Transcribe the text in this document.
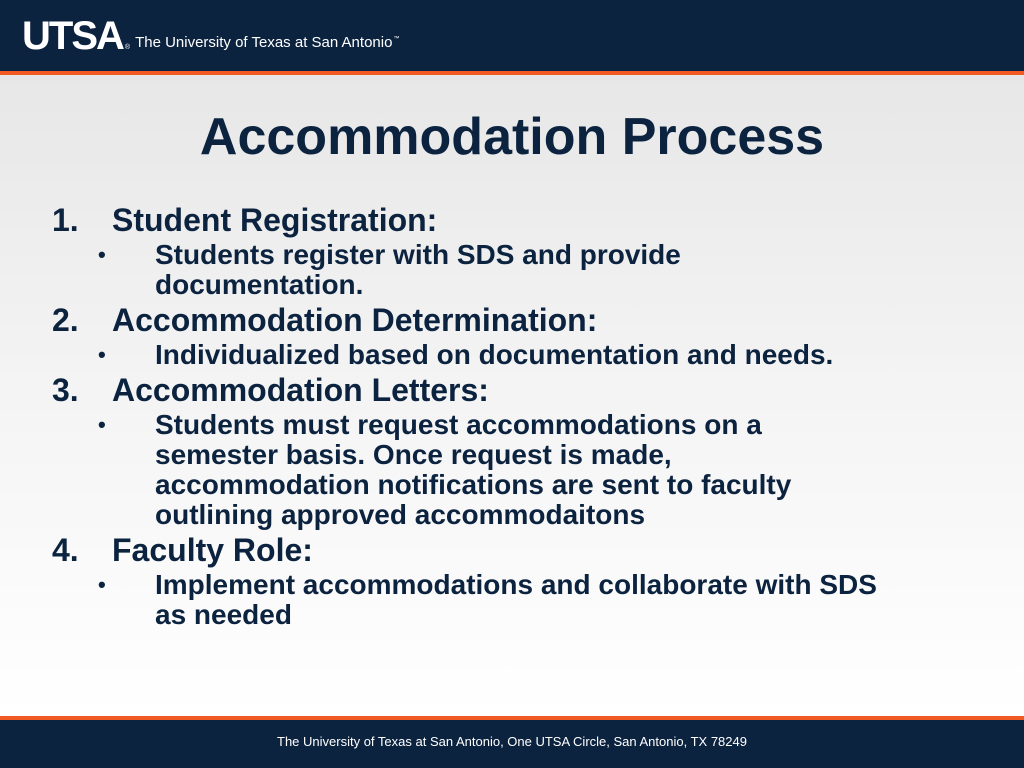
UTSA ® The University of Texas at San Antonio™
Accommodation Process
1.	Student Registration:
•	Students register with SDS and provide documentation.
2.	Accommodation Determination:
•	Individualized based on documentation and needs.
3.	Accommodation Letters:
•	Students must request accommodations on a semester basis. Once request is made, accommodation notifications are sent to faculty outlining approved accommodaitons
4.	Faculty Role:
•	Implement accommodations and collaborate with SDS as needed
The University of Texas at San Antonio, One UTSA Circle, San Antonio, TX 78249
